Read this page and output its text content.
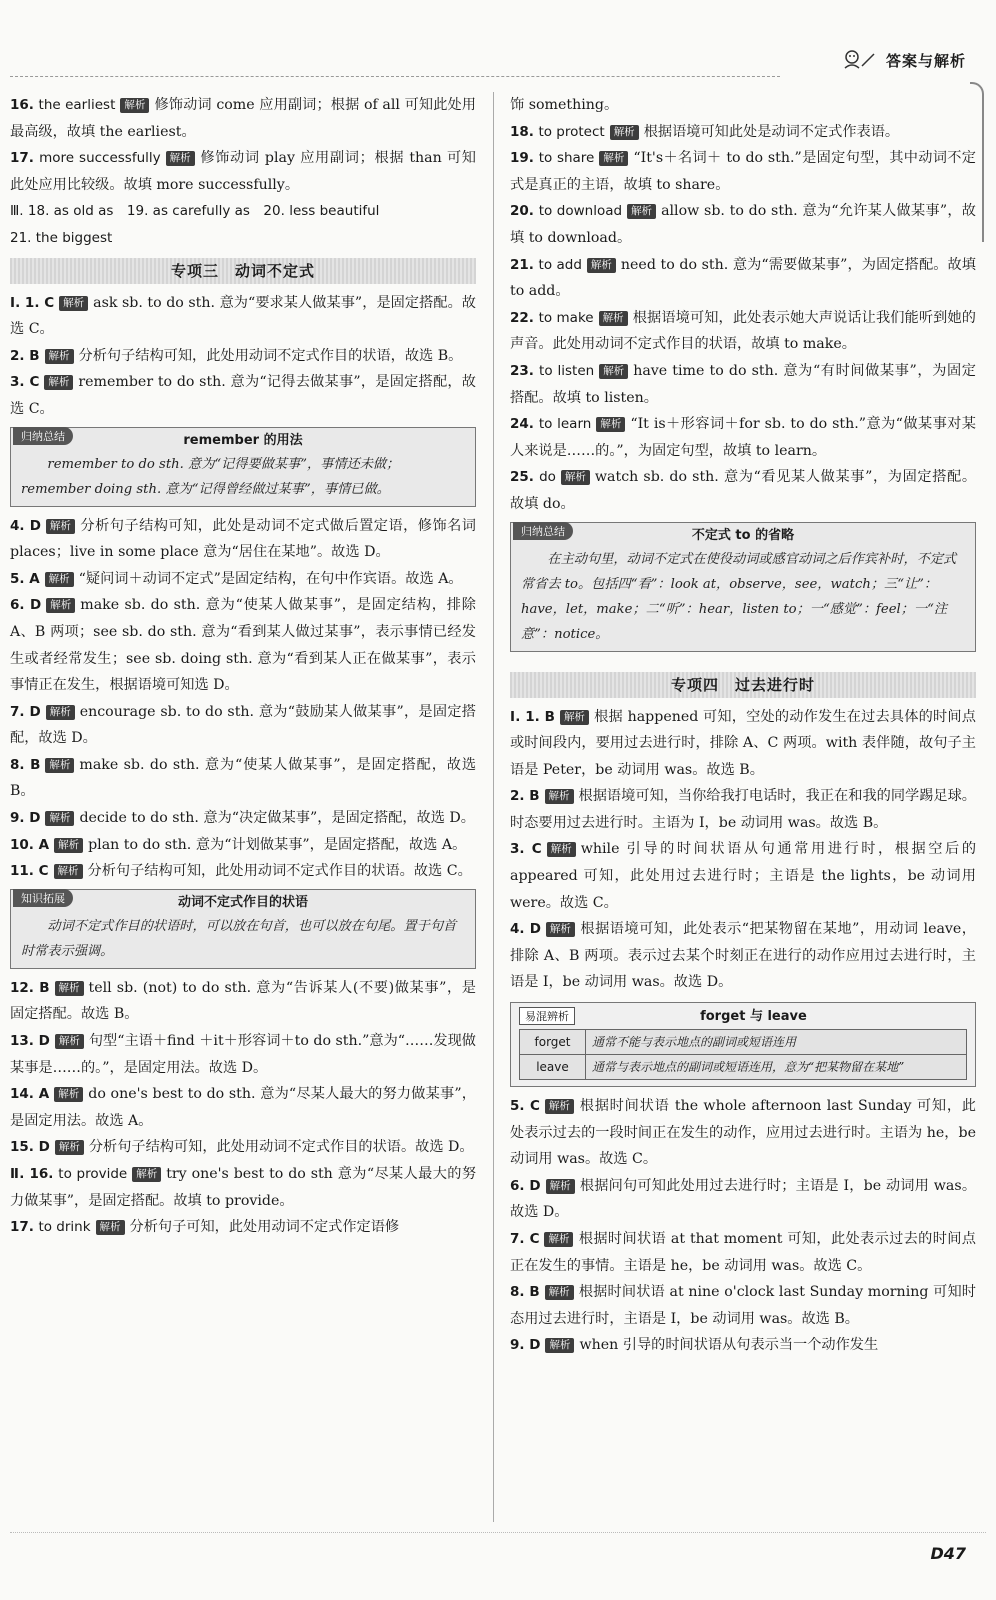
答案与解析
16. the earliest 解析 修饰动词 come 应用副词；根据 of all 可知此处用最高级，故填 the earliest。
17. more successfully 解析 修饰动词 play 应用副词；根据 than 可知此处应用比较级。故填 more successfully。
Ⅲ. 18. as old as　19. as carefully as　20. less beautiful
21. the biggest
专项三　动词不定式
Ⅰ. 1. C 解析 ask sb. to do sth. 意为“要求某人做某事”，是固定搭配。故选 C。
2. B 解析 分析句子结构可知，此处用动词不定式作目的状语，故选 B。
3. C 解析 remember to do sth. 意为“记得去做某事”，是固定搭配，故选 C。
归纳总结	remember 的用法
remember to do sth. 意为“记得要做某事”，事情还未做；remember doing sth. 意为“记得曾经做过某事”，事情已做。
4. D 解析 分析句子结构可知，此处是动词不定式做后置定语，修饰名词 places；live in some place 意为“居住在某地”。故选 D。
5. A 解析 “疑问词＋动词不定式”是固定结构，在句中作宾语。故选 A。
6. D 解析 make sb. do sth. 意为“使某人做某事”，是固定结构，排除 A、B 两项；see sb. do sth. 意为“看到某人做过某事”，表示事情已经发生或者经常发生；see sb. doing sth. 意为“看到某人正在做某事”，表示事情正在发生，根据语境可知选 D。
7. D 解析 encourage sb. to do sth. 意为“鼓励某人做某事”，是固定搭配，故选 D。
8. B 解析 make sb. do sth. 意为“使某人做某事”，是固定搭配，故选 B。
9. D 解析 decide to do sth. 意为“决定做某事”，是固定搭配，故选 D。
10. A 解析 plan to do sth. 意为“计划做某事”，是固定搭配，故选 A。
11. C 解析 分析句子结构可知，此处用动词不定式作目的状语。故选 C。
知识拓展	动词不定式作目的状语
动词不定式作目的状语时，可以放在句首，也可以放在句尾。置于句首时常表示强调。
12. B 解析 tell sb. (not) to do sth. 意为“告诉某人(不要)做某事”，是固定搭配。故选 B。
13. D 解析 句型“主语＋find ＋it＋形容词＋to do sth.”意为“……发现做某事是……的。”，是固定用法。故选 D。
14. A 解析 do one's best to do sth. 意为“尽某人最大的努力做某事”，是固定用法。故选 A。
15. D 解析 分析句子结构可知，此处用动词不定式作目的状语。故选 D。
Ⅱ. 16. to provide 解析 try one's best to do sth 意为“尽某人最大的努力做某事”，是固定搭配。故填 to provide。
17. to drink 解析 分析句子可知，此处用动词不定式作定语修
饰 something。
18. to protect 解析 根据语境可知此处是动词不定式作表语。
19. to share 解析 “It's＋名词＋ to do sth.”是固定句型，其中动词不定式是真正的主语，故填 to share。
20. to download 解析 allow sb. to do sth. 意为“允许某人做某事”，故填 to download。
21. to add 解析 need to do sth. 意为“需要做某事”，为固定搭配。故填 to add。
22. to make 解析 根据语境可知，此处表示她大声说话让我们能听到她的声音。此处用动词不定式作目的状语，故填 to make。
23. to listen 解析 have time to do sth. 意为“有时间做某事”，为固定搭配。故填 to listen。
24. to learn 解析 “It is＋形容词＋for sb. to do sth.”意为“做某事对某人来说是……的。”，为固定句型，故填 to learn。
25. do 解析 watch sb. do sth. 意为“看见某人做某事”，为固定搭配。故填 do。
归纳总结	不定式 to 的省略
在主动句里，动词不定式在使役动词或感官动词之后作宾补时，不定式常省去 to。包括四“看”：look at，observe，see，watch；三“让”：have，let，make；二“听”：hear，listen to；一“感觉”：feel；一“注意”：notice。
专项四　过去进行时
Ⅰ. 1. B 解析 根据 happened 可知，空处的动作发生在过去具体的时间点或时间段内，要用过去进行时，排除 A、C 两项。with 表伴随，故句子主语是 Peter，be 动词用 was。故选 B。
2. B 解析 根据语境可知，当你给我打电话时，我正在和我的同学踢足球。时态要用过去进行时。主语为 I，be 动词用 was。故选 B。
3. C 解析 while 引导的时间状语从句通常用进行时，根据空后的 appeared 可知，此处用过去进行时；主语是 the lights，be 动词用 were。故选 C。
4. D 解析 根据语境可知，此处表示“把某物留在某地”，用动词 leave，排除 A、B 两项。表示过去某个时刻正在进行的动作应用过去进行时，主语是 I，be 动词用 was。故选 D。
易混辨析	forget 与 leave
forget	通常不能与表示地点的副词或短语连用
leave	通常与表示地点的副词或短语连用，意为“把某物留在某地”
5. C 解析 根据时间状语 the whole afternoon last Sunday 可知，此处表示过去的一段时间正在发生的动作，应用过去进行时。主语为 he，be 动词用 was。故选 C。
6. D 解析 根据问句可知此处用过去进行时；主语是 I，be 动词用 was。故选 D。
7. C 解析 根据时间状语 at that moment 可知，此处表示过去的时间点正在发生的事情。主语是 he，be 动词用 was。故选 C。
8. B 解析 根据时间状语 at nine o'clock last Sunday morning 可知时态用过去进行时，主语是 I，be 动词用 was。故选 B。
9. D 解析 when 引导的时间状语从句表示当一个动作发生
D47
